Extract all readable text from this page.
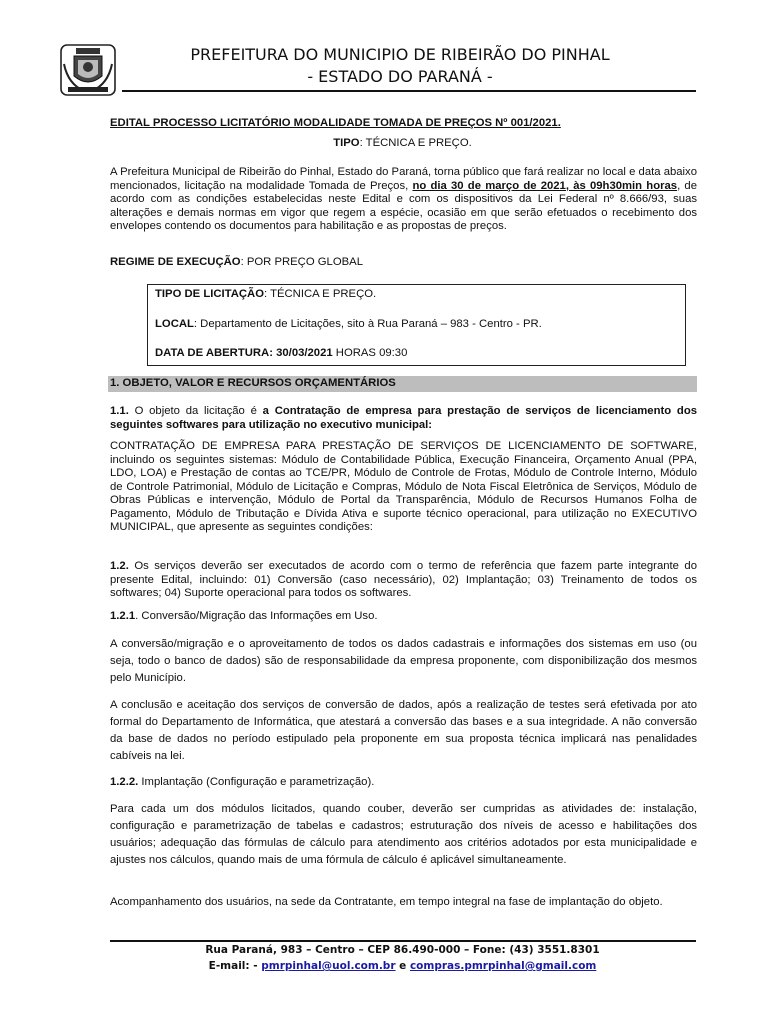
PREFEITURA DO MUNICIPIO DE RIBEIRÃO DO PINHAL
- ESTADO DO PARANÁ -
EDITAL PROCESSO LICITATÓRIO MODALIDADE TOMADA DE PREÇOS Nº 001/2021.
TIPO: TÉCNICA E PREÇO.
A Prefeitura Municipal de Ribeirão do Pinhal, Estado do Paraná, torna público que fará realizar no local e data abaixo mencionados, licitação na modalidade Tomada de Preços, no dia 30 de março de 2021, às 09h30min horas, de acordo com as condições estabelecidas neste Edital e com os dispositivos da Lei Federal nº 8.666/93, suas alterações e demais normas em vigor que regem a espécie, ocasião em que serão efetuados o recebimento dos envelopes contendo os documentos para habilitação e as propostas de preços.
REGIME DE EXECUÇÃO: POR PREÇO GLOBAL
TIPO DE LICITAÇÃO: TÉCNICA E PREÇO.
LOCAL: Departamento de Licitações, sito à Rua Paraná – 983 - Centro - PR.
DATA DE ABERTURA: 30/03/2021 HORAS 09:30
1. OBJETO, VALOR E RECURSOS ORÇAMENTÁRIOS
1.1. O objeto da licitação é a Contratação de empresa para prestação de serviços de licenciamento dos seguintes softwares para utilização no executivo municipal:
CONTRATAÇÃO DE EMPRESA PARA PRESTAÇÃO DE SERVIÇOS DE LICENCIAMENTO DE SOFTWARE, incluindo os seguintes sistemas: Módulo de Contabilidade Pública, Execução Financeira, Orçamento Anual (PPA, LDO, LOA) e Prestação de contas ao TCE/PR, Módulo de Controle de Frotas, Módulo de Controle Interno, Módulo de Controle Patrimonial, Módulo de Licitação e Compras, Módulo de Nota Fiscal Eletrônica de Serviços, Módulo de Obras Públicas e intervenção, Módulo de Portal da Transparência, Módulo de Recursos Humanos Folha de Pagamento, Módulo de Tributação e Dívida Ativa e suporte técnico operacional, para utilização no EXECUTIVO MUNICIPAL, que apresente as seguintes condições:
1.2. Os serviços deverão ser executados de acordo com o termo de referência que fazem parte integrante do presente Edital, incluindo: 01) Conversão (caso necessário), 02) Implantação; 03) Treinamento de todos os softwares; 04) Suporte operacional para todos os softwares.
1.2.1. Conversão/Migração das Informações em Uso.
A conversão/migração e o aproveitamento de todos os dados cadastrais e informações dos sistemas em uso (ou seja, todo o banco de dados) são de responsabilidade da empresa proponente, com disponibilização dos mesmos pelo Município.
A conclusão e aceitação dos serviços de conversão de dados, após a realização de testes será efetivada por ato formal do Departamento de Informática, que atestará a conversão das bases e a sua integridade. A não conversão da base de dados no período estipulado pela proponente em sua proposta técnica implicará nas penalidades cabíveis na lei.
1.2.2. Implantação (Configuração e parametrização).
Para cada um dos módulos licitados, quando couber, deverão ser cumpridas as atividades de: instalação, configuração e parametrização de tabelas e cadastros; estruturação dos níveis de acesso e habilitações dos usuários; adequação das fórmulas de cálculo para atendimento aos critérios adotados por esta municipalidade e ajustes nos cálculos, quando mais de uma fórmula de cálculo é aplicável simultaneamente.
Acompanhamento dos usuários, na sede da Contratante, em tempo integral na fase de implantação do objeto.
Rua Paraná, 983 – Centro – CEP 86.490-000 – Fone: (43) 3551.8301
E-mail: - pmrpinhal@uol.com.br e compras.pmrpinhal@gmail.com
